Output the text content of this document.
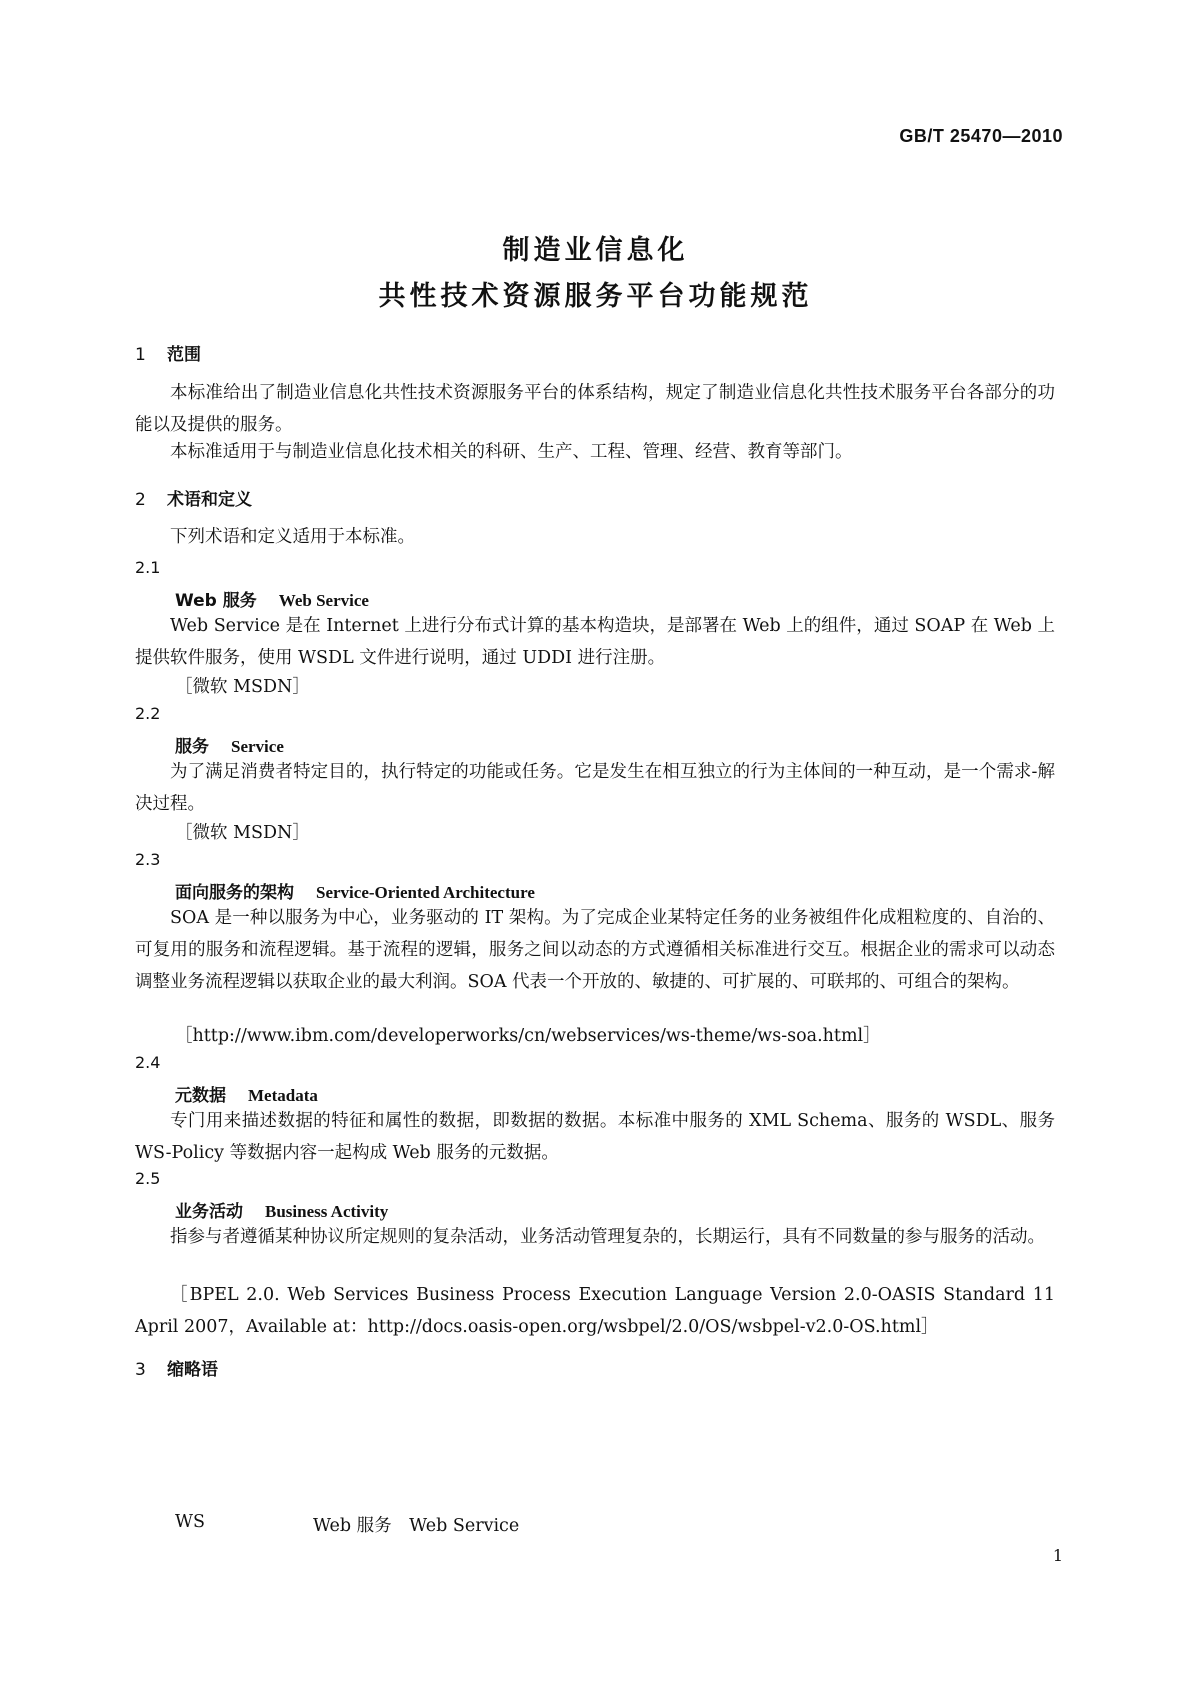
GB/T 25470—2010
制造业信息化
共性技术资源服务平台功能规范
1 范围
本标准给出了制造业信息化共性技术资源服务平台的体系结构，规定了制造业信息化共性技术服务平台各部分的功能以及提供的服务。
本标准适用于与制造业信息化技术相关的科研、生产、工程、管理、经营、教育等部门。
2 术语和定义
下列术语和定义适用于本标准。
2.1
Web 服务 Web Service
Web Service 是在 Internet 上进行分布式计算的基本构造块，是部署在 Web 上的组件，通过 SOAP 在 Web 上提供软件服务，使用 WSDL 文件进行说明，通过 UDDI 进行注册。
［微软 MSDN］
2.2
服务 Service
为了满足消费者特定目的，执行特定的功能或任务。它是发生在相互独立的行为主体间的一种互动，是一个需求-解决过程。
［微软 MSDN］
2.3
面向服务的架构 Service-Oriented Architecture
SOA 是一种以服务为中心，业务驱动的 IT 架构。为了完成企业某特定任务的业务被组件化成粗粒度的、自治的、可复用的服务和流程逻辑。基于流程的逻辑，服务之间以动态的方式遵循相关标准进行交互。根据企业的需求可以动态调整业务流程逻辑以获取企业的最大利润。SOA 代表一个开放的、敏捷的、可扩展的、可联邦的、可组合的架构。
［http://www.ibm.com/developerworks/cn/webservices/ws-theme/ws-soa.html］
2.4
元数据 Metadata
专门用来描述数据的特征和属性的数据，即数据的数据。本标准中服务的 XML Schema、服务的 WSDL、服务 WS-Policy 等数据内容一起构成 Web 服务的元数据。
2.5
业务活动 Business Activity
指参与者遵循某种协议所定规则的复杂活动，业务活动管理复杂的，长期运行，具有不同数量的参与服务的活动。
［BPEL 2.0. Web Services Business Process Execution Language Version 2.0-OASIS Standard 11 April 2007，Available at：http://docs.oasis-open.org/wsbpel/2.0/OS/wsbpel-v2.0-OS.html］
3 缩略语
WS	Web 服务　Web Service
1
